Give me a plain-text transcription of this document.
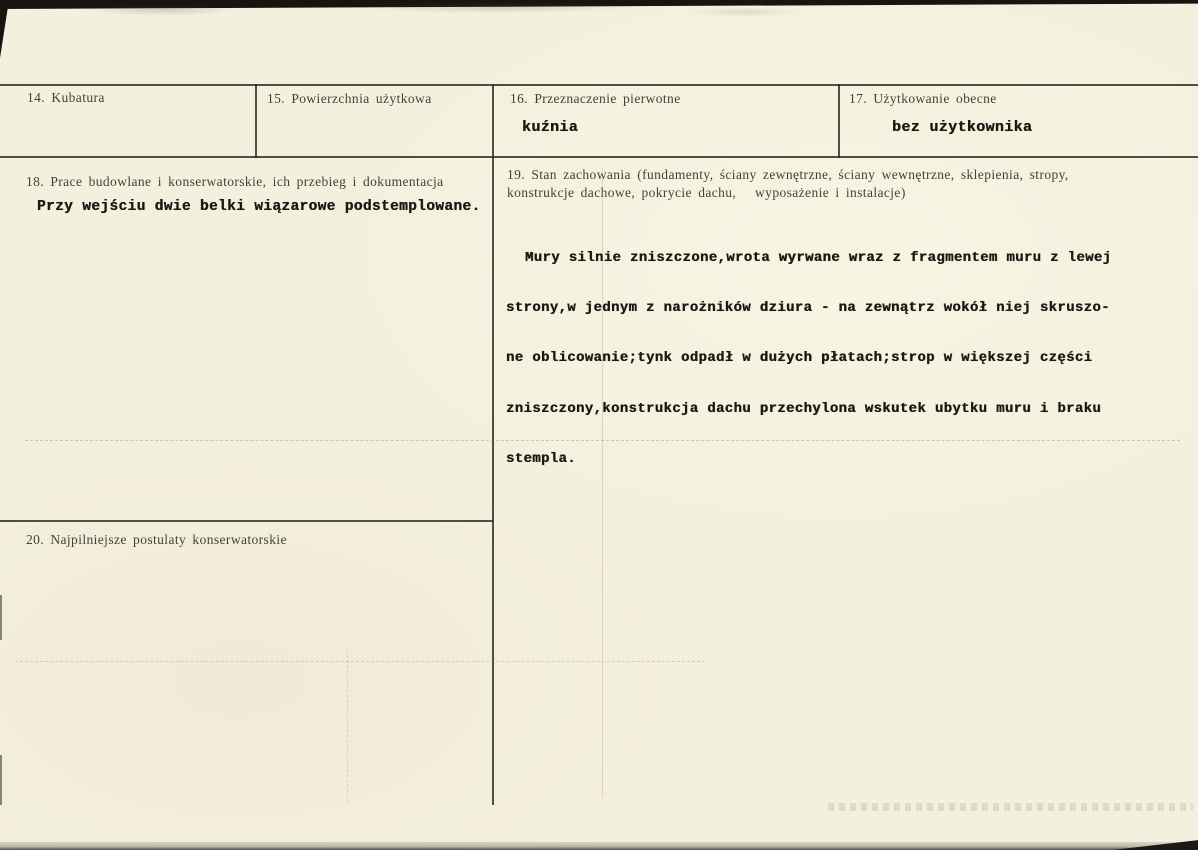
14. Kubatura	15. Powierzchnia użytkowa	16. Przeznaczenie pierwotne
kuźnia
17. Użytkowanie obecne
bez użytkownika
18. Prace budowlane i konserwatorskie, ich przebieg i dokumentacja
Przy wejściu dwie belki wiązarowe podstemplowane.
19. Stan zachowania (fundamenty, ściany zewnętrzne, ściany wewnętrzne, sklepienia, stropy,
konstrukcje dachowe, pokrycie dachu,   wyposażenie i instalacje)

Mury silnie zniszczone,wrota wyrwane wraz z fragmentem muru z lewej

strony,w jednym z narożników dziura - na zewnątrz wokół niej skruszo-

ne oblicowanie;tynk odpadł w dużych płatach;strop w większej części

zniszczony,konstrukcja dachu przechylona wskutek ubytku muru i braku

stempla.

20. Najpilniejsze postulaty konserwatorskie
